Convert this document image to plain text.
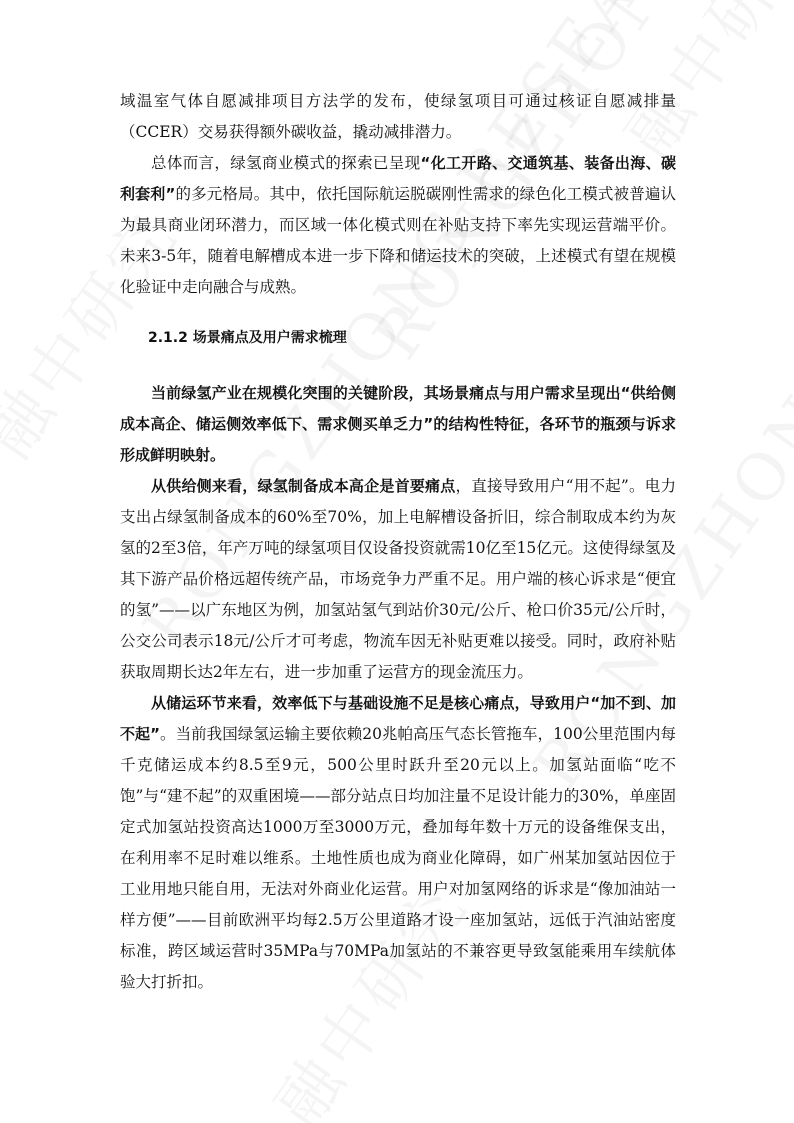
域温室气体自愿减排项目方法学的发布，使绿氢项目可通过核证自愿减排量（CCER）交易获得额外碳收益，撬动减排潜力。

总体而言，绿氢商业模式的探索已呈现“化工开路、交通筑基、装备出海、碳利套利”的多元格局。其中，依托国际航运脱碳刚性需求的绿色化工模式被普遍认为最具商业闭环潜力，而区域一体化模式则在补贴支持下率先实现运营端平价。未来3-5年，随着电解槽成本进一步下降和储运技术的突破，上述模式有望在规模化验证中走向融合与成熟。

2.1.2 场景痛点及用户需求梳理

当前绿氢产业在规模化突围的关键阶段，其场景痛点与用户需求呈现出“供给侧成本高企、储运侧效率低下、需求侧买单乏力”的结构性特征，各环节的瓶颈与诉求形成鲜明映射。

从供给侧来看，绿氢制备成本高企是首要痛点，直接导致用户“用不起”。电力支出占绿氢制备成本的60%至70%，加上电解槽设备折旧，综合制取成本约为灰氢的2至3倍，年产万吨的绿氢项目仅设备投资就需10亿至15亿元。这使得绿氢及其下游产品价格远超传统产品，市场竞争力严重不足。用户端的核心诉求是“便宜的氢”——以广东地区为例，加氢站氢气到站价30元/公斤、枪口价35元/公斤时，公交公司表示18元/公斤才可考虑，物流车因无补贴更难以接受。同时，政府补贴获取周期长达2年左右，进一步加重了运营方的现金流压力。

从储运环节来看，效率低下与基础设施不足是核心痛点，导致用户“加不到、加不起”。当前我国绿氢运输主要依赖20兆帕高压气态长管拖车，100公里范围内每千克储运成本约8.5至9元，500公里时跃升至20元以上。加氢站面临“吃不饱”与“建不起”的双重困境——部分站点日均加注量不足设计能力的30%，单座固定式加氢站投资高达1000万至3000万元，叠加每年数十万元的设备维保支出，在利用率不足时难以维系。土地性质也成为商业化障碍，如广州某加氢站因位于工业用地只能自用，无法对外商业化运营。用户对加氢网络的诉求是“像加油站一样方便”——目前欧洲平均每2.5万公里道路才设一座加氢站，远低于汽油站密度标准，跨区域运营时35MPa与70MPa加氢站的不兼容更导致氢能乘用车续航体验大打折扣。
